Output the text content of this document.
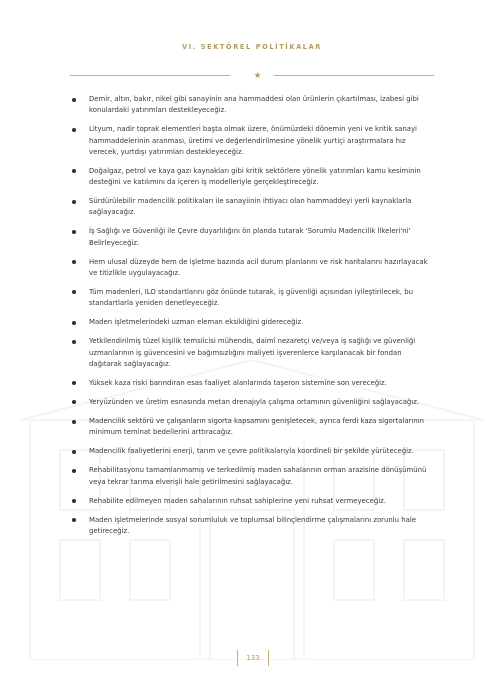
VI. SEKTÖREL POLİTİKALAR
Demir, altın, bakır, nikel gibi sanayinin ana hammaddesi olan ürünlerin çıkartılması, izabesi gibi konulardaki yatırımları destekleyeceğiz.
Lityum, nadir toprak elementleri başta olmak üzere, önümüzdeki dönemin yeni ve kritik sanayi hammaddelerinin aranması, üretimi ve değerlendirilmesine yönelik yurtiçi araştırmalara hız verecek, yurtdışı yatırımları destekleyeceğiz.
Doğalgaz, petrol ve kaya gazı kaynakları gibi kritik sektörlere yönelik yatırımları kamu kesiminin desteğini ve katılımını da içeren iş modelleriyle gerçekleştireceğiz.
Sürdürülebilir madencilik politikaları ile sanayiinin ihtiyacı olan hammaddeyi yerli kaynaklarla sağlayacağız.
İş Sağlığı ve Güvenliği ile Çevre duyarlılığını ön planda tutarak 'Sorumlu Madencilik İlkeleri'ni' Belirleyeceğiz.
Hem ulusal düzeyde hem de işletme bazında acil durum planlarını ve risk haritalarını hazırlayacak ve titizlikle uygulayacağız.
Tüm madenleri, ILO standartlarını göz önünde tutarak, iş güvenliği açısından iyileştirilecek, bu standartlarla yeniden denetleyeceğiz.
Maden işletmelerindeki uzman eleman eksikliğini gidereceğiz.
Yetkilendirilmiş tüzel kişilik temsilcisi mühendis, daimî nezaretçi ve/veya iş sağlığı ve güvenliği uzmanlarının iş güvencesini ve bağımsızlığını maliyeti işverenlerce karşılanacak bir fondan dağıtarak sağlayacağız.
Yüksek kaza riski barındıran esas faaliyet alanlarında taşeron sistemine son vereceğiz.
Yeryüzünden ve üretim esnasında metan drenajıyla çalışma ortamının güvenliğini sağlayacağız.
Madencilik sektörü ve çalışanların sigorta kapsamını genişletecek, ayrıca ferdi kaza sigortalarının minimum teminat bedellerini arttıracağız.
Madencilik faaliyetlerini enerji, tarım ve çevre politikalarıyla koordineli bir şekilde yürüteceğiz.
Rehabilitasyonu tamamlanmamış ve terkedilmiş maden sahalarının orman arazisine dönüşümünü veya tekrar tarıma elverişli hale getirilmesini sağlayacağız.
Rehabilite edilmeyen maden sahalarının ruhsat sahiplerine yeni ruhsat vermeyeceğiz.
Maden işletmelerinde sosyal sorumluluk ve toplumsal bilinçlendirme çalışmalarını zorunlu hale getireceğiz.
133
